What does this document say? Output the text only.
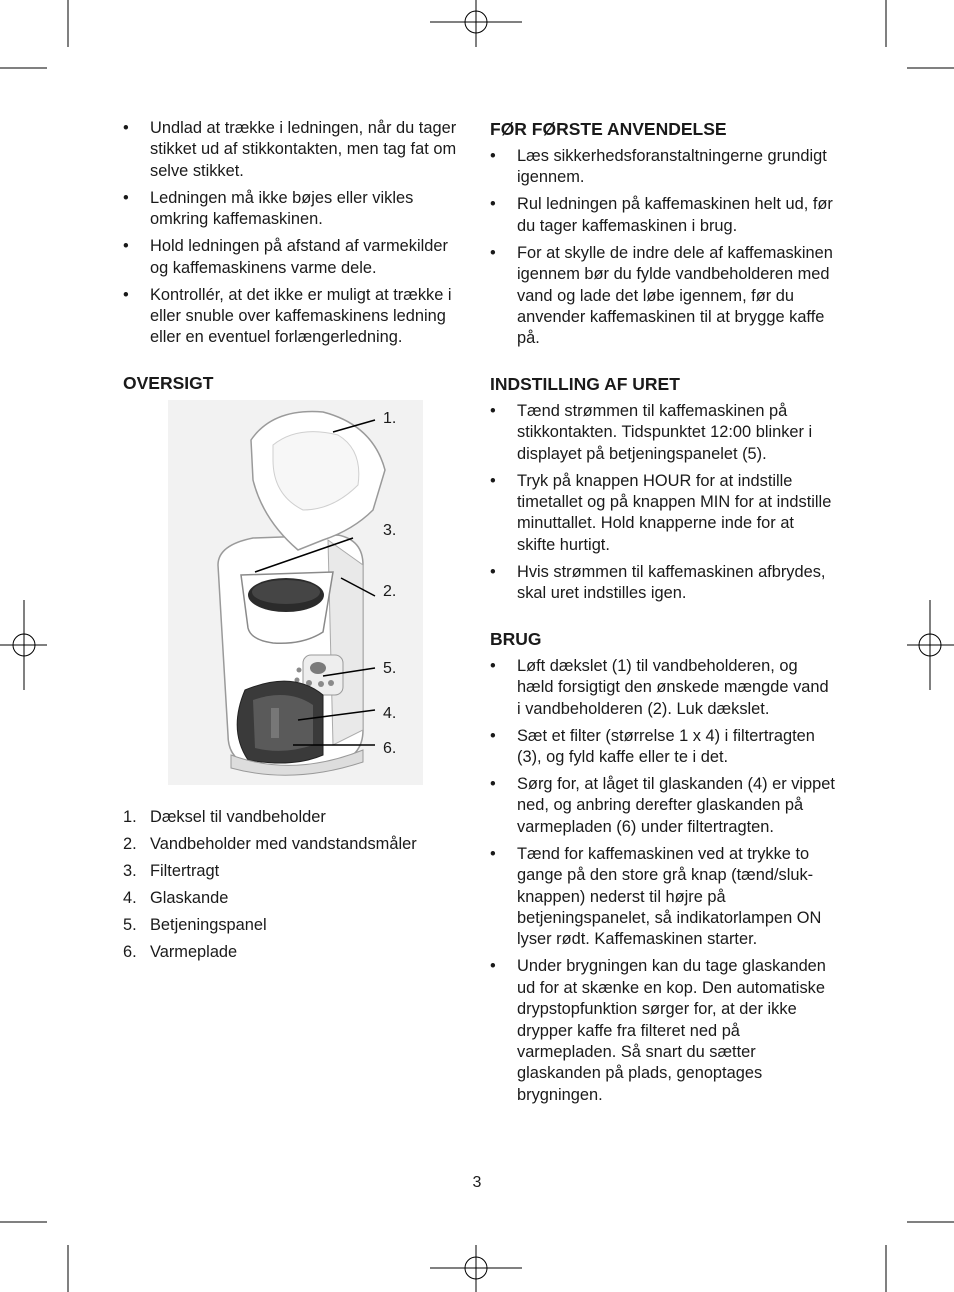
• Undlad at trække i ledningen, når du tager stikket ud af stikkontakten, men tag fat om selve stikket.
• Ledningen må ikke bøjes eller vikles omkring kaffemaskinen.
• Hold ledningen på afstand af varmekilder og kaffemaskinens varme dele.
• Kontrollér, at det ikke er muligt at trække i eller snuble over kaffemaskinens ledning eller en eventuel forlængerledning.
OVERSIGT
1.
3.
2.
5.
4.
6.
1. Dæksel til vandbeholder
2. Vandbeholder med vandstandsmåler
3. Filtertragt
4. Glaskande
5. Betjeningspanel
6. Varmeplade
FØR FØRSTE ANVENDELSE
• Læs sikkerhedsforanstaltningerne grundigt igennem.
• Rul ledningen på kaffemaskinen helt ud, før du tager kaffemaskinen i brug.
• For at skylle de indre dele af kaffemaskinen igennem bør du fylde vandbeholderen med vand og lade det løbe igennem, før du anvender kaffemaskinen til at brygge kaffe på.
INDSTILLING AF URET
• Tænd strømmen til kaffemaskinen på stikkontakten. Tidspunktet 12:00 blinker i displayet på betjeningspanelet (5).
• Tryk på knappen HOUR for at indstille timetallet og på knappen MIN for at indstille minuttallet. Hold knapperne inde for at skifte hurtigt.
• Hvis strømmen til kaffemaskinen afbrydes, skal uret indstilles igen.
BRUG
• Løft dækslet (1) til vandbeholderen, og hæld forsigtigt den ønskede mængde vand i vandbeholderen (2). Luk dækslet.
• Sæt et filter (størrelse 1 x 4) i filtertragten (3), og fyld kaffe eller te i det.
• Sørg for, at låget til glaskanden (4) er vippet ned, og anbring derefter glaskanden på varmepladen (6) under filtertragten.
• Tænd for kaffemaskinen ved at trykke to gange på den store grå knap (tænd/sluk-knappen) nederst til højre på betjeningspanelet, så indikatorlampen ON lyser rødt. Kaffemaskinen starter.
• Under brygningen kan du tage glaskanden ud for at skænke en kop. Den automatiske drypstopfunktion sørger for, at der ikke drypper kaffe fra filteret ned på varmepladen. Så snart du sætter glaskanden på plads, genoptages brygningen.
3
